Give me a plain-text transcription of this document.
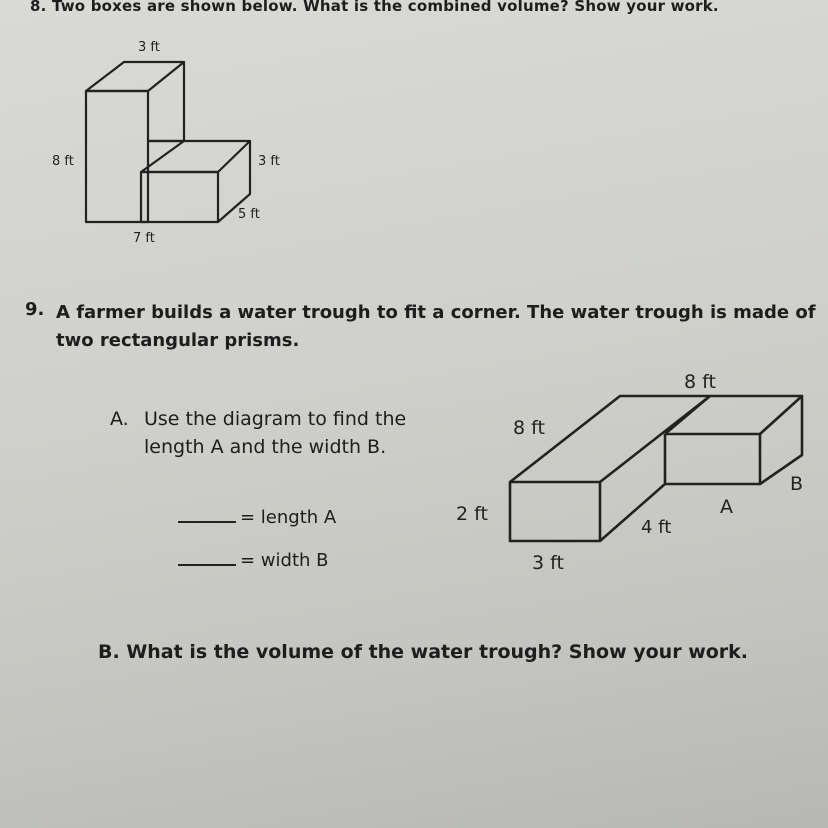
8. Two boxes are shown below. What is the combined volume? Show your work.

3 ft
8 ft	3 ft
5 ft
7 ft
9. A farmer builds a water trough to fit a corner. The water trough is made of two rectangular prisms.

A. Use the diagram to find the length A and the width B.
= length A
= width B
8 ft
8 ft
2 ft
3 ft
4 ft
A
B

B. What is the volume of the water trough? Show your work.
